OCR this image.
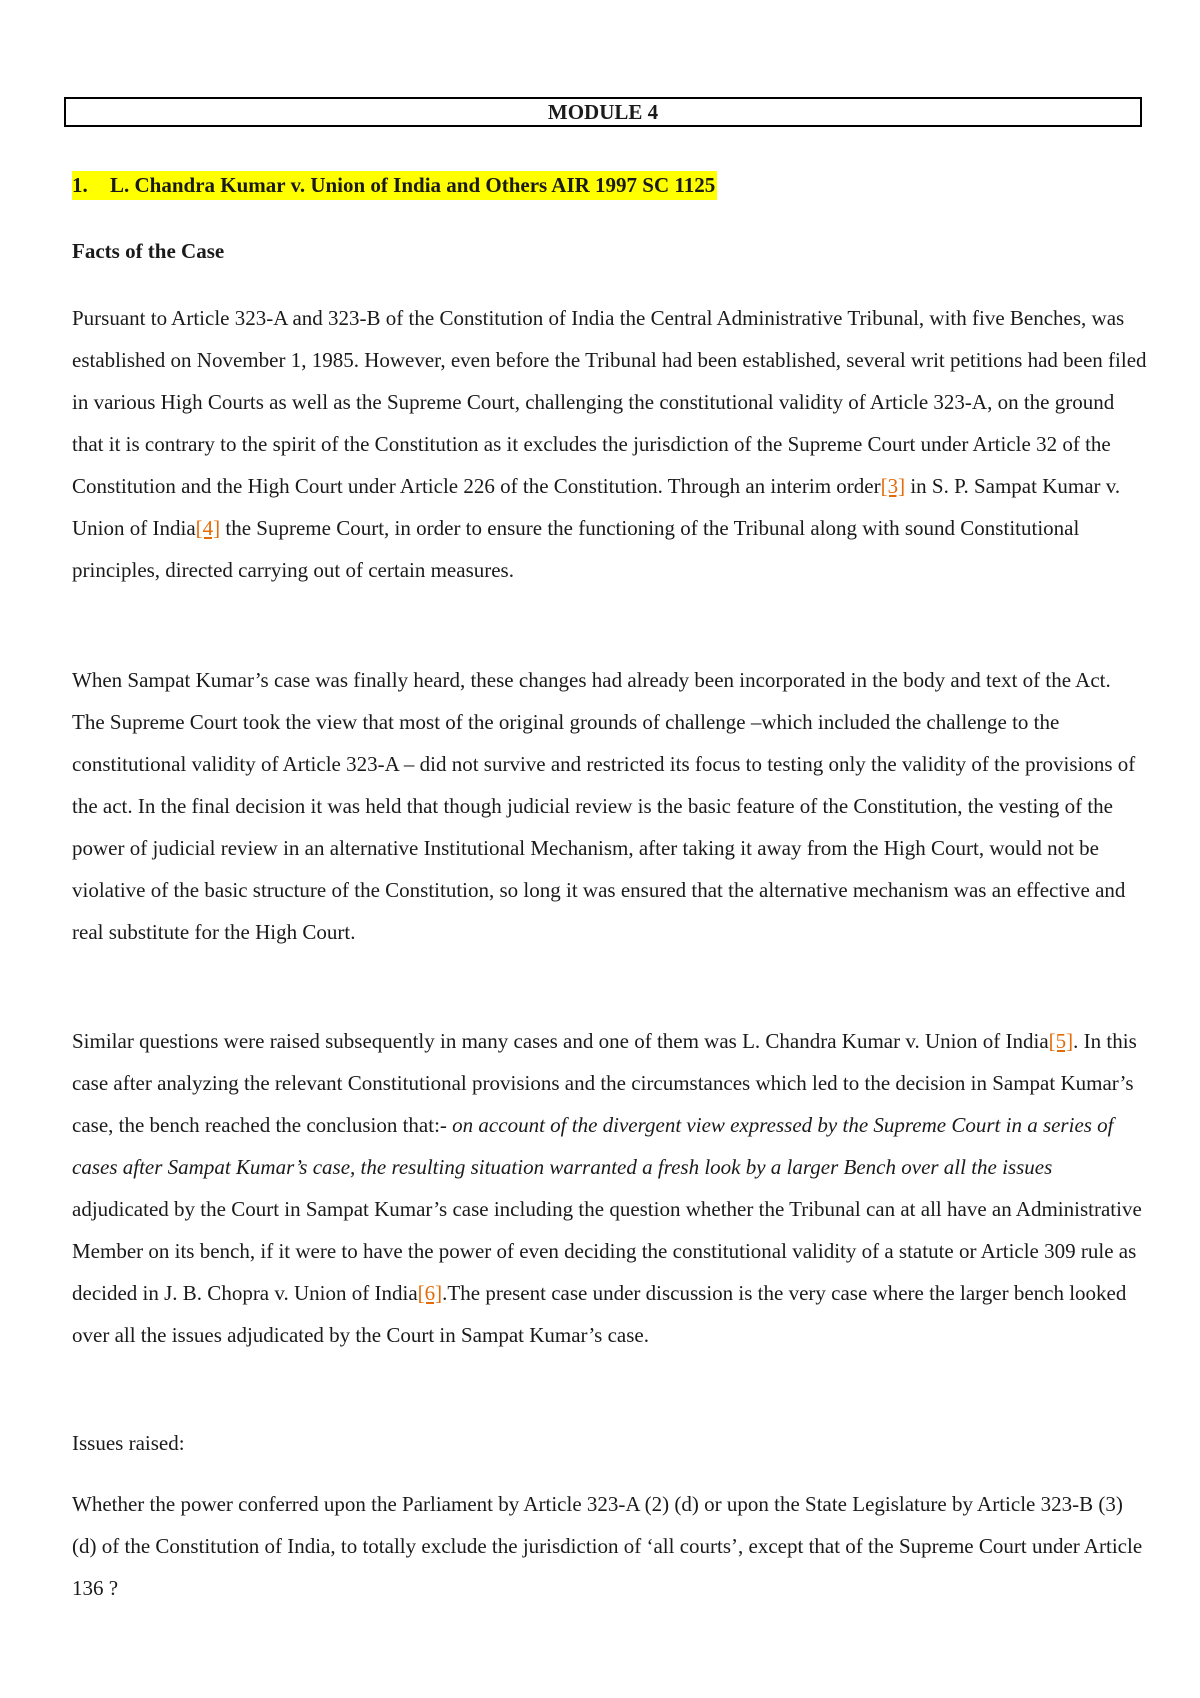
MODULE 4
1. L. Chandra Kumar v. Union of India and Others AIR 1997 SC 1125
Facts of the Case

Pursuant to Article 323-A and 323-B of the Constitution of India the Central Administrative Tribunal, with five Benches, was established on November 1, 1985. However, even before the Tribunal had been established, several writ petitions had been filed in various High Courts as well as the Supreme Court, challenging the constitutional validity of Article 323-A, on the ground that it is contrary to the spirit of the Constitution as it excludes the jurisdiction of the Supreme Court under Article 32 of the Constitution and the High Court under Article 226 of the Constitution. Through an interim order[3] in S. P. Sampat Kumar v. Union of India[4] the Supreme Court, in order to ensure the functioning of the Tribunal along with sound Constitutional principles, directed carrying out of certain measures.

When Sampat Kumar’s case was finally heard, these changes had already been incorporated in the body and text of the Act. The Supreme Court took the view that most of the original grounds of challenge –which included the challenge to the constitutional validity of Article 323-A – did not survive and restricted its focus to testing only the validity of the provisions of the act. In the final decision it was held that though judicial review is the basic feature of the Constitution, the vesting of the power of judicial review in an alternative Institutional Mechanism, after taking it away from the High Court, would not be violative of the basic structure of the Constitution, so long it was ensured that the alternative mechanism was an effective and real substitute for the High Court.

Similar questions were raised subsequently in many cases and one of them was L. Chandra Kumar v. Union of India[5]. In this case after analyzing the relevant Constitutional provisions and the circumstances which led to the decision in Sampat Kumar’s case, the bench reached the conclusion that:- on account of the divergent view expressed by the Supreme Court in a series of cases after Sampat Kumar’s case, the resulting situation warranted a fresh look by a larger Bench over all the issues adjudicated by the Court in Sampat Kumar’s case including the question whether the Tribunal can at all have an Administrative Member on its bench, if it were to have the power of even deciding the constitutional validity of a statute or Article 309 rule as decided in J. B. Chopra v. Union of India[6].The present case under discussion is the very case where the larger bench looked over all the issues adjudicated by the Court in Sampat Kumar’s case.

Issues raised:

Whether the power conferred upon the Parliament by Article 323-A (2) (d) or upon the State Legislature by Article 323-B (3) (d) of the Constitution of India, to totally exclude the jurisdiction of ‘all courts’, except that of the Supreme Court under Article 136 ?
